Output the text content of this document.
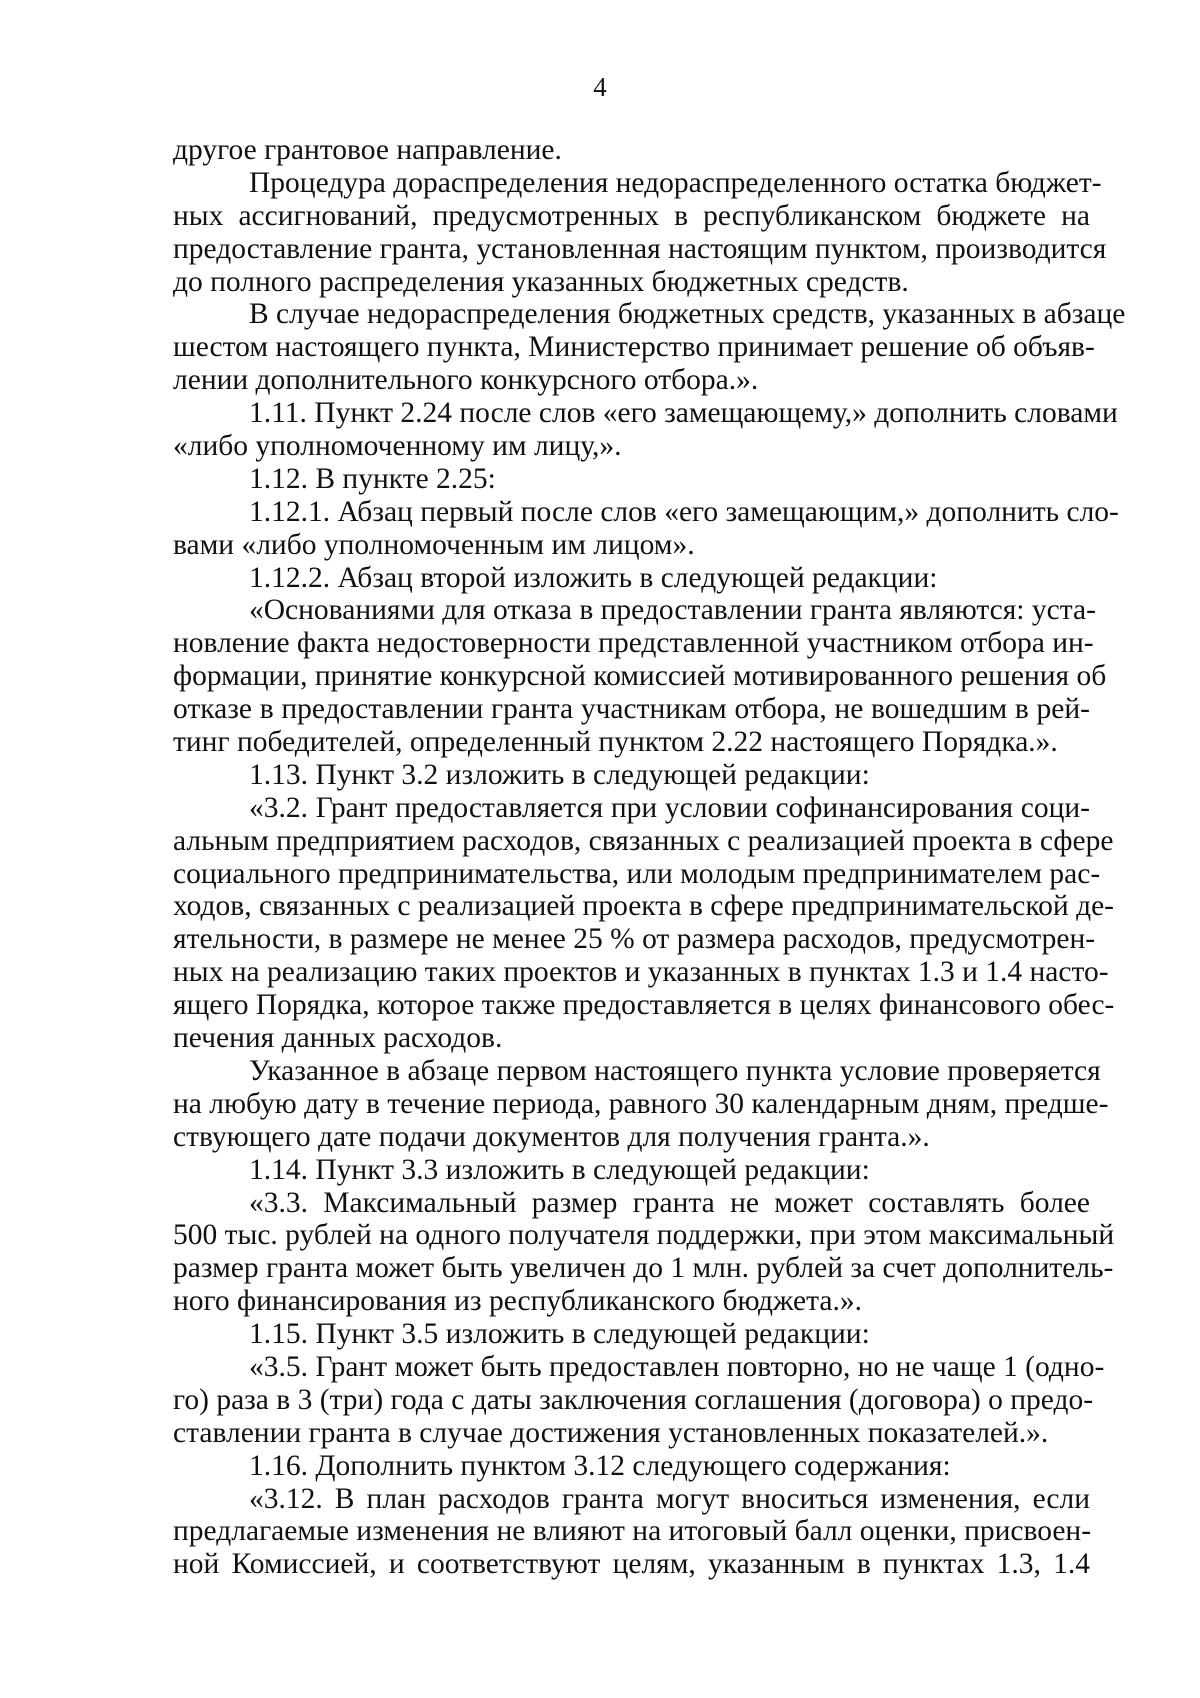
4
другое грантовое направление.
Процедура дораспределения недораспределенного остатка бюджет-
ных ассигнований, предусмотренных в республиканском бюджете на
предоставление гранта, установленная настоящим пунктом, производится
до полного распределения указанных бюджетных средств.
В случае недораспределения бюджетных средств, указанных в абзаце
шестом настоящего пункта, Министерство принимает решение об объяв-
лении дополнительного конкурсного отбора.».
1.11. Пункт 2.24 после слов «его замещающему,» дополнить словами
«либо уполномоченному им лицу,».
1.12. В пункте 2.25:
1.12.1. Абзац первый после слов «его замещающим,» дополнить сло-
вами «либо уполномоченным им лицом».
1.12.2. Абзац второй изложить в следующей редакции:
«Основаниями для отказа в предоставлении гранта являются: уста-
новление факта недостоверности представленной участником отбора ин-
формации, принятие конкурсной комиссией мотивированного решения об
отказе в предоставлении гранта участникам отбора, не вошедшим в рей-
тинг победителей, определенный пунктом 2.22 настоящего Порядка.».
1.13. Пункт 3.2 изложить в следующей редакции:
«3.2. Грант предоставляется при условии софинансирования соци-
альным предприятием расходов, связанных с реализацией проекта в сфере
социального предпринимательства, или молодым предпринимателем рас-
ходов, связанных с реализацией проекта в сфере предпринимательской де-
ятельности, в размере не менее 25 % от размера расходов, предусмотрен-
ных на реализацию таких проектов и указанных в пунктах 1.3 и 1.4 насто-
ящего Порядка, которое также предоставляется в целях финансового обес-
печения данных расходов.
Указанное в абзаце первом настоящего пункта условие проверяется
на любую дату в течение периода, равного 30 календарным дням, предше-
ствующего дате подачи документов для получения гранта.».
1.14. Пункт 3.3 изложить в следующей редакции:
«3.3. Максимальный размер гранта не может составлять более
500 тыс. рублей на одного получателя поддержки, при этом максимальный
размер гранта может быть увеличен до 1 млн. рублей за счет дополнитель-
ного финансирования из республиканского бюджета.».
1.15. Пункт 3.5 изложить в следующей редакции:
«3.5. Грант может быть предоставлен повторно, но не чаще 1 (одно-
го) раза в 3 (три) года с даты заключения соглашения (договора) о предо-
ставлении гранта в случае достижения установленных показателей.».
1.16. Дополнить пунктом 3.12 следующего содержания:
«3.12. В план расходов гранта могут вноситься изменения, если
предлагаемые изменения не влияют на итоговый балл оценки, присвоен-
ной Комиссией, и соответствуют целям, указанным в пунктах 1.3, 1.4
